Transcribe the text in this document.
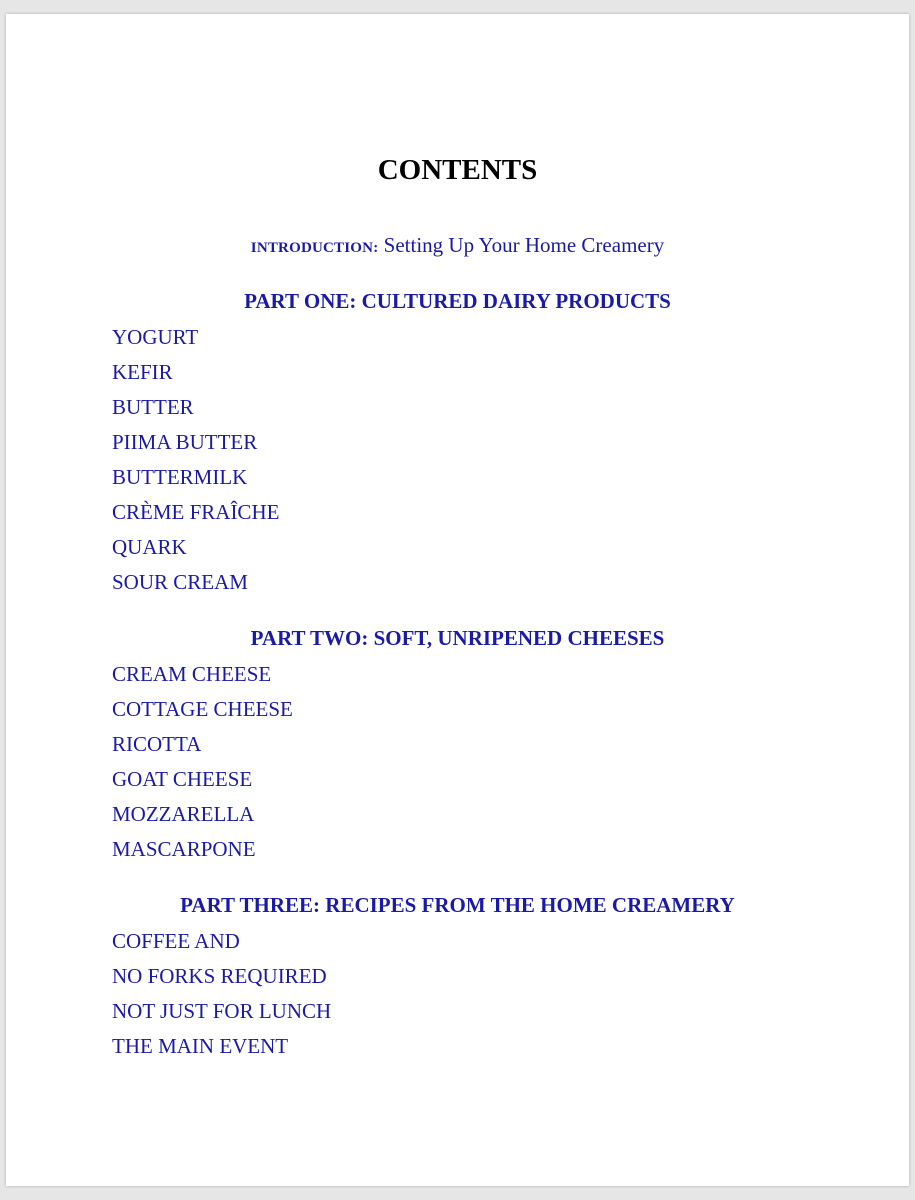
CONTENTS
INTRODUCTION: Setting Up Your Home Creamery
PART ONE: CULTURED DAIRY PRODUCTS
YOGURT
KEFIR
BUTTER
PIIMA BUTTER
BUTTERMILK
CRÈME FRAÎCHE
QUARK
SOUR CREAM
PART TWO: SOFT, UNRIPENED CHEESES
CREAM CHEESE
COTTAGE CHEESE
RICOTTA
GOAT CHEESE
MOZZARELLA
MASCARPONE
PART THREE: RECIPES FROM THE HOME CREAMERY
COFFEE AND
NO FORKS REQUIRED
NOT JUST FOR LUNCH
THE MAIN EVENT
